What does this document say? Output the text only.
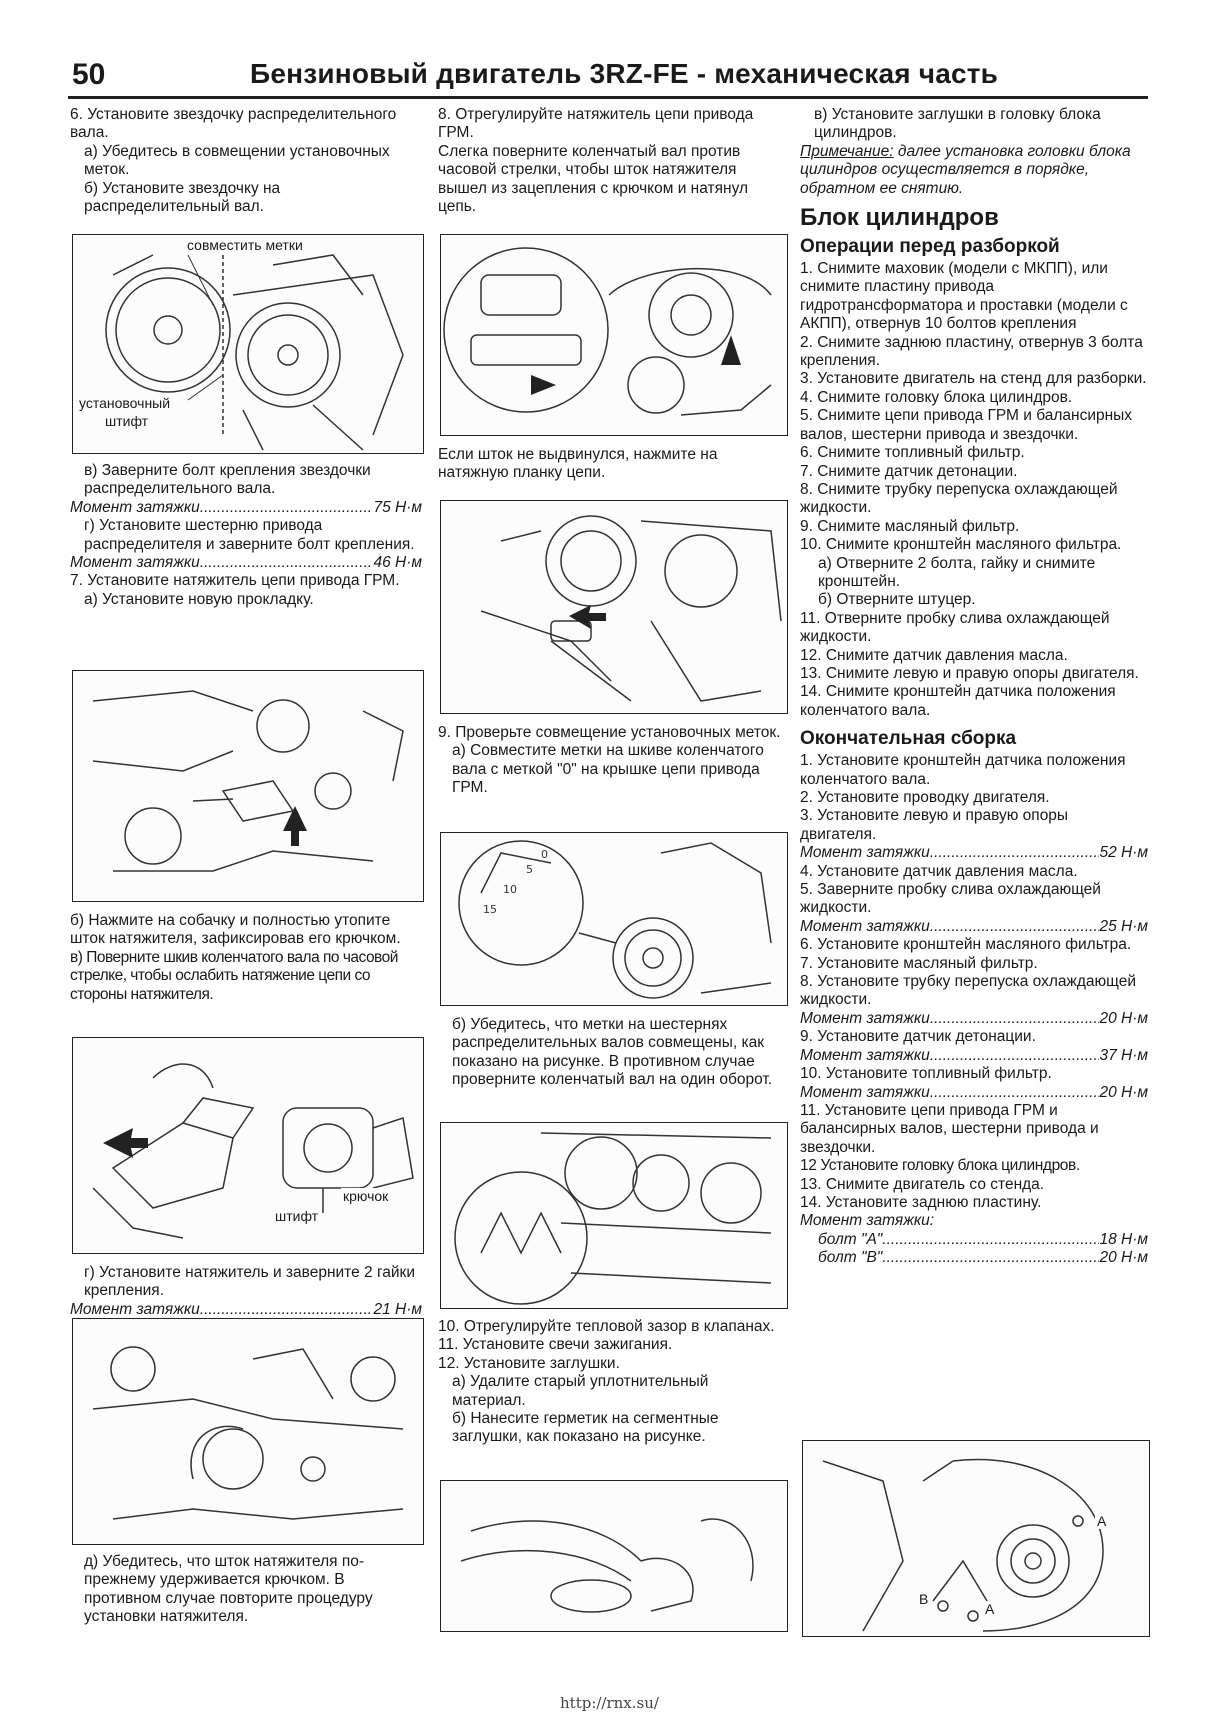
50	Бензиновый двигатель 3RZ-FE - механическая часть

6. Установите звездочку распределительного вала.

а) Убедитесь в совмещении установочных меток.

б) Установите звездочку на распределительный вал.

совместить метки
установочный
штифт

в) Заверните болт крепления звездочки распределительного вала.

Момент затяжки .....	75 Н·м

г) Установите шестерню привода распределителя и заверните болт крепления.

Момент затяжки .....	46 Н·м

7. Установите натяжитель цепи привода ГРМ.

а) Установите новую прокладку.

б) Нажмите на собачку и полностью утопите шток натяжителя, зафиксировав его крючком.

в) Поверните шкив коленчатого вала по часовой стрелке, чтобы ослабить натяжение цепи со стороны натяжителя.

крючок
штифт

г) Установите натяжитель и заверните 2 гайки крепления.

Момент затяжки .....	21 Н·м

д) Убедитесь, что шток натяжителя по-прежнему удерживается крючком. В противном случае повторите процедуру установки натяжителя.

8. Отрегулируйте натяжитель цепи привода ГРМ.

Слегка поверните коленчатый вал против часовой стрелки, чтобы шток натяжителя вышел из зацепления с крючком и натянул цепь.

Если шток не выдвинулся, нажмите на натяжную планку цепи.

9. Проверьте совмещение установочных меток.

а) Совместите метки на шкиве коленчатого вала с меткой "0" на крышке цепи привода ГРМ.

15
10
5
0

б) Убедитесь, что метки на шестернях распределительных валов совмещены, как показано на рисунке. В противном случае проверните коленчатый вал на один оборот.

10. Отрегулируйте тепловой зазор в клапанах.

11. Установите свечи зажигания.

12. Установите заглушки.

а) Удалите старый уплотнительный материал.

б) Нанесите герметик на сегментные заглушки, как показано на рисунке.

в) Установите заглушки в головку блока цилиндров.

Примечание: далее установка головки блока цилиндров осуществляется в порядке, обратном ее снятию.

Блок цилиндров
Операции перед разборкой

1. Снимите маховик (модели с МКПП), или снимите пластину привода гидротрансформатора и проставки (модели с АКПП), отвернув 10 болтов крепления

2. Снимите заднюю пластину, отвернув 3 болта крепления.

3. Установите двигатель на стенд для разборки.

4. Снимите головку блока цилиндров.

5. Снимите цепи привода ГРМ и балансирных валов, шестерни привода и звездочки.

6. Снимите топливный фильтр.

7. Снимите датчик детонации.

8. Снимите трубку перепуска охлаждающей жидкости.

9. Снимите масляный фильтр.

10. Снимите кронштейн масляного фильтра.

а) Отверните 2 болта, гайку и снимите кронштейн.

б) Отверните штуцер.

11. Отверните пробку слива охлаждающей жидкости.

12. Снимите датчик давления масла.

13. Снимите левую и правую опоры двигателя.

14. Снимите кронштейн датчика положения коленчатого вала.

Окончательная сборка

1. Установите кронштейн датчика положения коленчатого вала.

2. Установите проводку двигателя.

3. Установите левую и правую опоры двигателя.

Момент затяжки .....	52 Н·м

4. Установите датчик давления масла.

5. Заверните пробку слива охлаждающей жидкости.

Момент затяжки .....	25 Н·м

6. Установите кронштейн масляного фильтра.

7. Установите масляный фильтр.

8. Установите трубку перепуска охлаждающей жидкости.

Момент затяжки .....	20 Н·м

9. Установите датчик детонации.

Момент затяжки .....	37 Н·м

10. Установите топливный фильтр.

Момент затяжки .....	20 Н·м

11. Установите цепи привода ГРМ и балансирных валов, шестерни привода и звездочки.

12 Установите головку блока цилиндров.

13. Снимите двигатель со стенда.

14. Установите заднюю пластину.

Момент затяжки:

болт "А" .....	18 Н·м
болт "В" .....	20 Н·м
A
B
A
http://rnx.su/
